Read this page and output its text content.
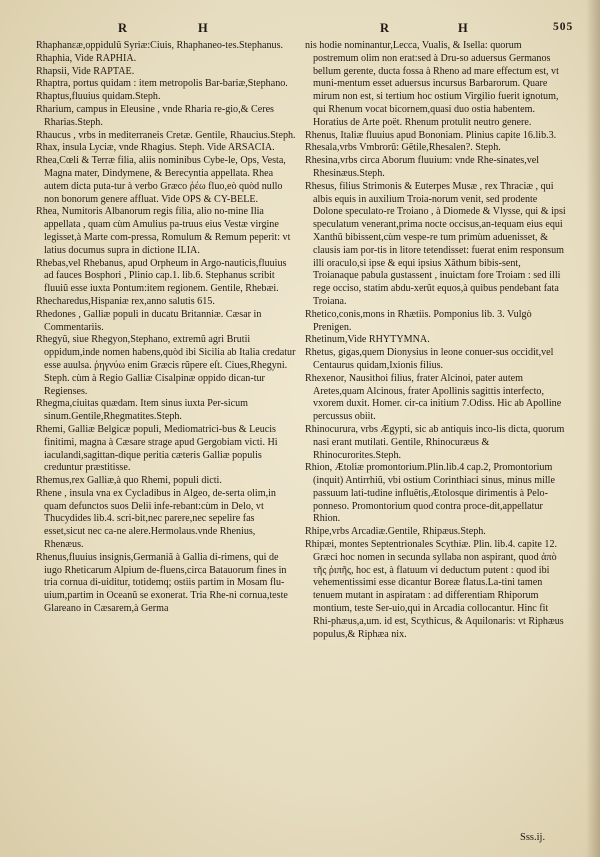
R	H	R	H	505

Rhaphanεæ,oppidulũ Syriæ:Ciuis, Rhaphaneo-tes.Stephanus.

Rhaphia, Vide RAPHIA.

Rhapsii, Vide RAPTAE.

Rhaptra, portus quidam : item metropolis Bar-bariæ,Stephano.

Rhaptus,fluuius quidam.Steph.

Rharium, campus in Eleusine , vnde Rharia re-gio,& Ceres Rharias.Steph.

Rhaucus , vrbs in mediterraneis Cretæ. Gentile, Rhaucius.Steph.

Rhax, insula Lyciæ, vnde Rhagius. Steph. Vide ARSACIA.

Rhea,Cœli & Terræ filia, aliis nominibus Cybe-le, Ops, Vesta, Magna mater, Dindymene, & Berecyntia appellata. Rhea autem dicta puta-tur à verbo Græco ῥέω fluo,eò quòd nullo non bonorum genere affluat. Vide OPS & CY-BELE.

Rhea, Numitoris Albanorum regis filia, alio no-mine Ilia appellata , quam cùm Amulius pa-truus eius Vestæ virgine legisset,à Marte com-pressa, Romulum & Remum peperit: vt latius documus supra in dictione ILIA.

Rhebas,vel Rhebanus, apud Orpheum in Argo-nauticis,fluuius ad fauces Bosphori , Plinio cap.1. lib.6. Stephanus scribit fluuiũ esse iuxta Pontum:item regionem. Gentile, Rhebæi.

Rhecharedus,Hispaniæ rex,anno salutis 615.

Rhedones , Galliæ populi in ducatu Britanniæ. Cæsar in Commentariis.

Rhegyũ, siue Rhegyon,Stephano, extremũ agri Brutii oppidum,inde nomen habens,quòd ibi Sicilia ab Italia credatur esse auulsa. ῥηγνύω enim Græcis rũpere eſt. Ciues,Rhegyni. Steph. cùm à Regio Galliæ Cisalpinæ oppido dican-tur Regienses.

Rhegma,ciuitas quædam. Item sinus iuxta Per-sicum sinum.Gentile,Rhegmatites.Steph.

Rhemi, Galliæ Belgicæ populi, Mediomatrici-bus & Leucis finitimi, magna à Cæsare strage apud Gergobiam victi. Hi iaculandi,sagittan-dique peritia cæteris Galliæ populis creduntur præstitisse.

Rhemus,rex Galliæ,à quo Rhemi, populi dicti.

Rhene , insula vna ex Cycladibus in Algeo, de-serta olim,in quam defunctos suos Delii infe-rebant:cùm in Delo, vt Thucydides lib.4. scri-bit,nec parere,nec sepelire fas esset,sicut nec ca-ne alere.Hermolaus.vnde Rhenius, Rhenæus.

Rhenus,fluuius insignis,Germaniã à Gallia di-rimens, qui de iugo Rheticarum Alpium de-fluens,circa Batauorum fines in tria cornua di-uiditur, totidemq; ostiis partim in Mosam flu-uium,partim in Oceanũ se exonerat. Tria Rhe-ni cornua,teste Glareano in Cæsarem,à Germa

nis hodie nominantur,Lecca, Vualis, & Isella: quorum postremum olim non erat:sed à Dru-so aduersus Germanos bellum gerente, ducta fossa à Rheno ad mare effectum est, vt muni-mentum esset aduersus incursus Barbarorum. Quare mirum non est, si tertium hoc ostium Virgilio fuerit ignotum, qui Rhenum vocat bicornem,quasi duo ostia habentem. Horatius de Arte poët. Rhenum protulit neutro genere.

Rhenus, Italiæ fluuius apud Bononiam. Plinius capite 16.lib.3.

Rhesala,vrbs Vmbrorũ: Gẽtile,Rhesalen?. Steph.

Rhesina,vrbs circa Aborum fluuium: vnde Rhe-sinates,vel Rhesinæus.Steph.

Rhesus, filius Strimonis & Euterpes Musæ , rex Thraciæ , qui albis equis in auxilium Troia-norum venit, sed prodente Dolone speculato-re Troiano , à Diomede & Vlysse, qui & ipsi speculatum venerant,prima nocte occisus,an-tequam eius equi Xanthũ bibissent,cùm vespe-re tum primùm aduenisset, & clausis iam por-tis in litore tetendisset: fuerat enim responsum illi oraculo,si ipse & equi ipsius Xãthum bibis-sent, Troianaque pabula gustassent , inuictam fore Troiam : sed illi rege occiso, statim abdu-xerũt equos,à quibus pendebant fata Troiana.

Rhetico,conis,mons in Rhætiis. Pomponius lib. 3. Vulgò Prenigen.

Rhetinum,Vide RHYTYMNA.

Rhetus, gigas,quem Dionysius in leone conuer-sus occidit,vel Centaurus quidam,Ixionis filius.

Rhexenor, Nausithoi filius, frater Alcinoi, pater autem Aretes,quam Alcinous, frater Apollinis sagittis interfecto, vxorem duxit. Homer. cir-ca initium 7.Odiss. Hic ab Apolline percussus obiit.

Rhinocurura, vrbs Ægypti, sic ab antiquis inco-lis dicta, quorum nasi erant mutilati. Gentile, Rhinocuræus & Rhinocurorites.Steph.

Rhion, Ætoliæ promontorium.Plin.lib.4 cap.2, Promontorium (inquit) Antirrhiũ, vbi ostium Corinthiaci sinus, minus mille passuum lati-tudine influẽtis,Ætolosque dirimentis à Pelo-ponneso. Promontorium quod contra proce-dit,appellatur Rhion.

Rhipe,vrbs Arcadiæ.Gentile, Rhipæus.Steph.

Rhipæi, montes Septentrionales Scythiæ. Plin. lib.4. capite 12. Græci hoc nomen in secunda syllaba non aspirant, quod ἀπὸ τῆς ῥιπῆς, hoc est, à flatuum vi deductum putent : quod ibi vehementissimi esse dicantur Boreæ flatus.La-tini tamen tenuem mutant in aspiratam : ad differentiam Rhiporum montium, teste Ser-uio,qui in Arcadia collocantur. Hinc fit Rhi-phæus,a,um. id est, Scythicus, & Aquilonaris: vt Riphæus populus,& Riphæa nix.

Sss.ij.
